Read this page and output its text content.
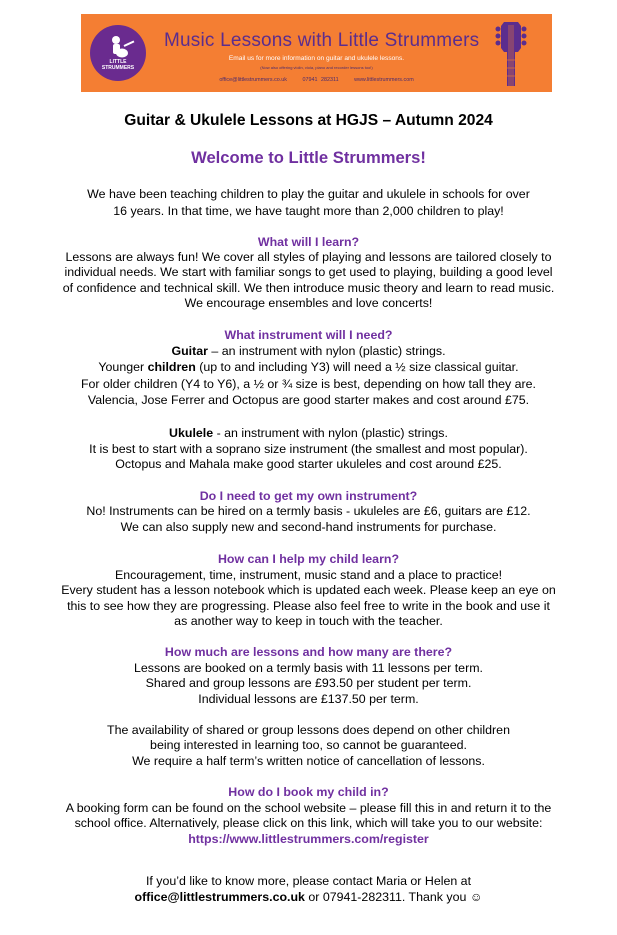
LITTLE
STRUMMERS
Music Lessons with Little Strummers
Email us for more information on guitar and ukulele lessons.
(Now also offering violin, viola, piano and recorder lessons too!)
office@littlestrummers.co.uk	07941 282311	www.littlestrummers.com
Guitar & Ukulele Lessons at HGJS – Autumn 2024
Welcome to Little Strummers!
We have been teaching children to play the guitar and ukulele in schools for over
16 years. In that time, we have taught more than 2,000 children to play!
What will I learn?
Lessons are always fun! We cover all styles of playing and lessons are tailored closely to
individual needs. We start with familiar songs to get used to playing, building a good level
of confidence and technical skill. We then introduce music theory and learn to read music.
We encourage ensembles and love concerts!
What instrument will I need?
Guitar – an instrument with nylon (plastic) strings.
Younger children (up to and including Y3) will need a ½ size classical guitar.
For older children (Y4 to Y6), a ½ or ¾ size is best, depending on how tall they are.
Valencia, Jose Ferrer and Octopus are good starter makes and cost around £75.
Ukulele - an instrument with nylon (plastic) strings.
It is best to start with a soprano size instrument (the smallest and most popular).
Octopus and Mahala make good starter ukuleles and cost around £25.
Do I need to get my own instrument?
No! Instruments can be hired on a termly basis - ukuleles are £6, guitars are £12.
We can also supply new and second-hand instruments for purchase.
How can I help my child learn?
Encouragement, time, instrument, music stand and a place to practice!
Every student has a lesson notebook which is updated each week. Please keep an eye on
this to see how they are progressing. Please also feel free to write in the book and use it
as another way to keep in touch with the teacher.
How much are lessons and how many are there?
Lessons are booked on a termly basis with 11 lessons per term.
Shared and group lessons are £93.50 per student per term.
Individual lessons are £137.50 per term.
The availability of shared or group lessons does depend on other children
being interested in learning too, so cannot be guaranteed.
We require a half term’s written notice of cancellation of lessons.
How do I book my child in?
A booking form can be found on the school website – please fill this in and return it to the
school office. Alternatively, please click on this link, which will take you to our website:
https://www.littlestrummers.com/register
If you’d like to know more, please contact Maria or Helen at
office@littlestrummers.co.uk or 07941-282311. Thank you ☺
